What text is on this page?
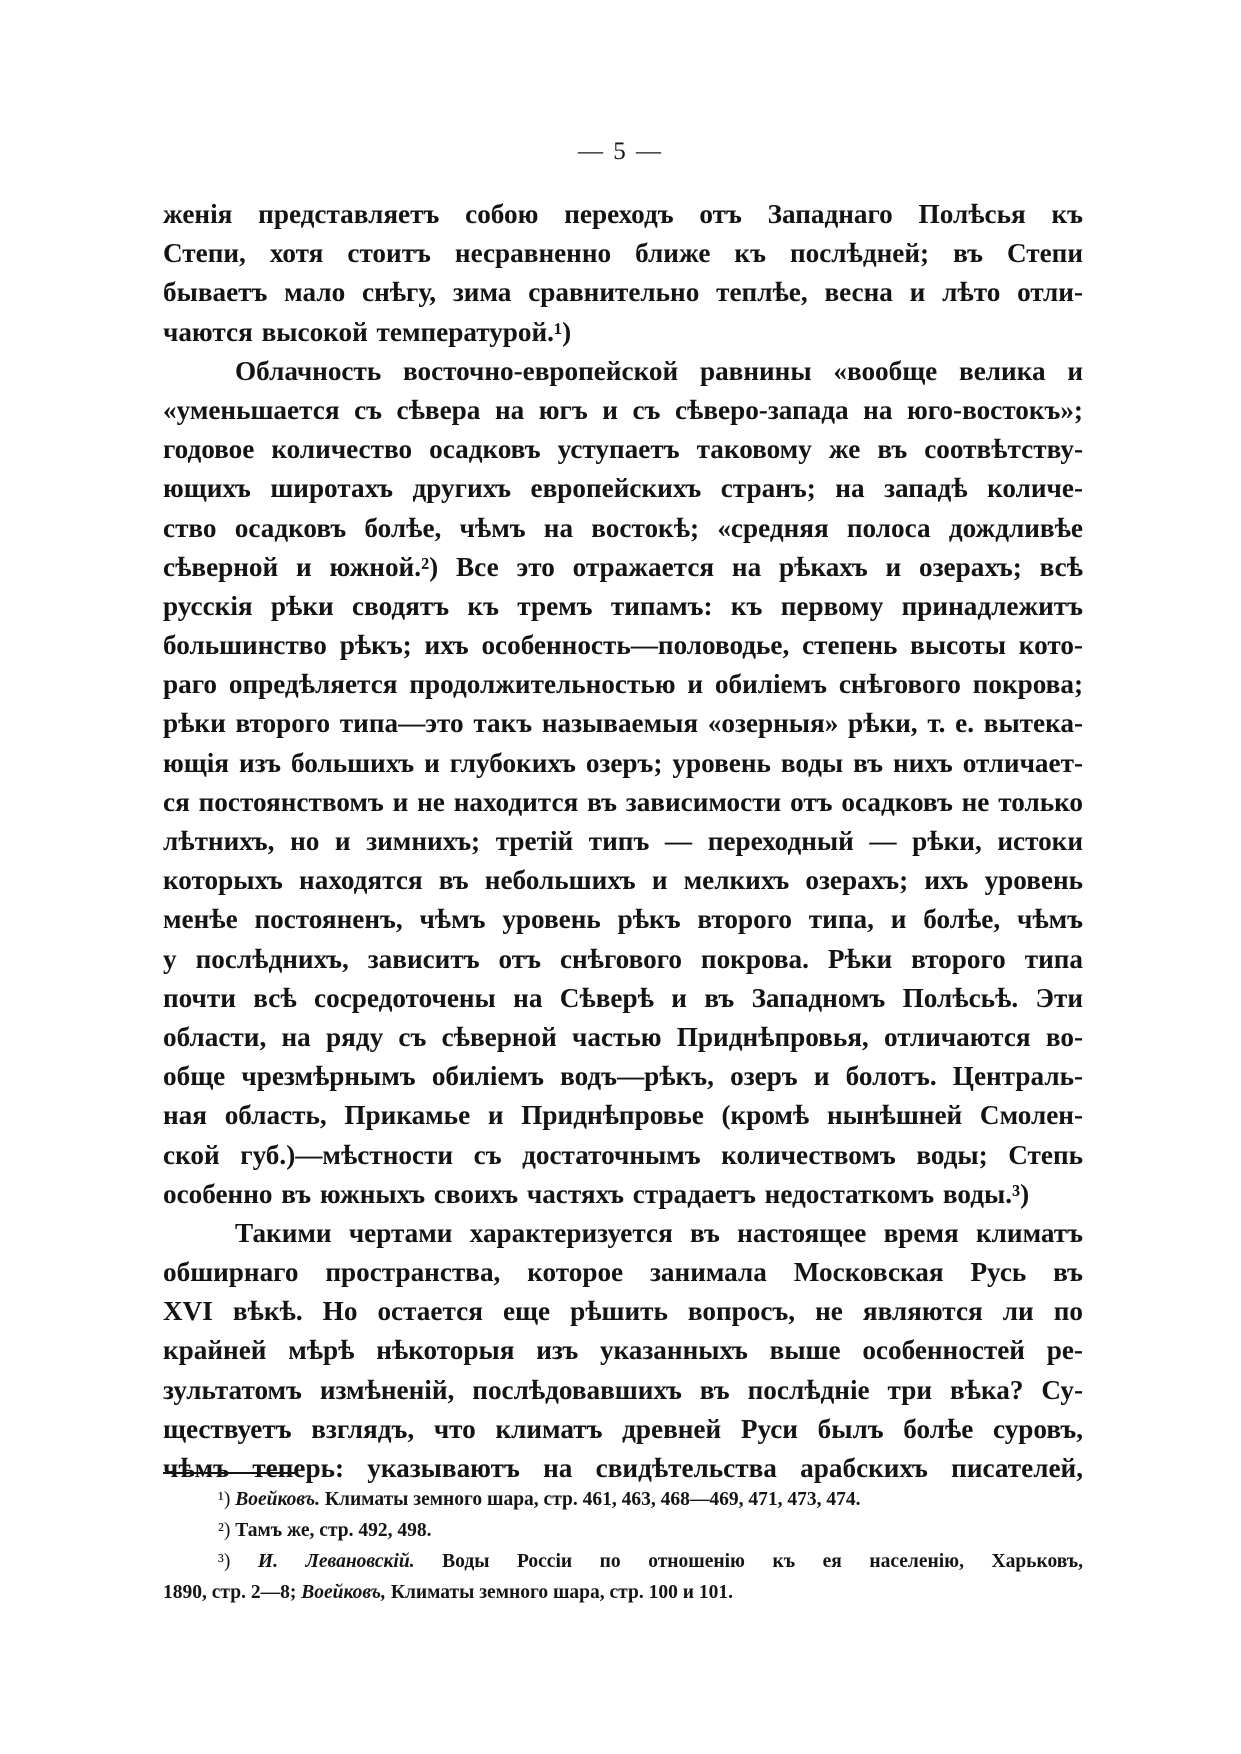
— 5 —
женія представляетъ собою переходъ отъ Западнаго Полѣсья къ
Степи, хотя стоитъ несравненно ближе къ послѣдней; въ Степи
бываетъ мало снѣгу, зима сравнительно теплѣе, весна и лѣто отли-
чаются высокой температурой.¹)
Облачность восточно-европейской равнины «вообще велика и
«уменьшается съ сѣвера на югъ и съ сѣверо-запада на юго-востокъ»;
годовое количество осадковъ уступаетъ таковому же въ соотвѣтству-
ющихъ широтахъ другихъ европейскихъ странъ; на западѣ количе-
ство осадковъ болѣе, чѣмъ на востокѣ; «средняя полоса дождливѣе
сѣверной и южной.²) Все это отражается на рѣкахъ и озерахъ; всѣ
русскія рѣки сводятъ къ тремъ типамъ: къ первому принадлежитъ
большинство рѣкъ; ихъ особенность—половодье, степень высоты кото-
раго опредѣляется продолжительностью и обиліемъ снѣгового покрова;
рѣки второго типа—это такъ называемыя «озерныя» рѣки, т. е. вытека-
ющія изъ большихъ и глубокихъ озеръ; уровень воды въ нихъ отличает-
ся постоянствомъ и не находится въ зависимости отъ осадковъ не только
лѣтнихъ, но и зимнихъ; третій типъ — переходный — рѣки, истоки
которыхъ находятся въ небольшихъ и мелкихъ озерахъ; ихъ уровень
менѣе постояненъ, чѣмъ уровень рѣкъ второго типа, и болѣе, чѣмъ
у послѣднихъ, зависитъ отъ снѣгового покрова. Рѣки второго типа
почти всѣ сосредоточены на Сѣверѣ и въ Западномъ Полѣсьѣ. Эти
области, на ряду съ сѣверной частью Приднѣпровья, отличаются во-
обще чрезмѣрнымъ обиліемъ водъ—рѣкъ, озеръ и болотъ. Централь-
ная область, Прикамье и Приднѣпровье (кромѣ нынѣшней Смолен-
ской губ.)—мѣстности съ достаточнымъ количествомъ воды; Степь
особенно въ южныхъ своихъ частяхъ страдаетъ недостаткомъ воды.³)
Такими чертами характеризуется въ настоящее время климатъ
обширнаго пространства, которое занимала Московская Русь въ
XVI вѣкѣ. Но остается еще рѣшить вопросъ, не являются ли по
крайней мѣрѣ нѣкоторыя изъ указанныхъ выше особенностей ре-
зультатомъ измѣненій, послѣдовавшихъ въ послѣдніе три вѣка? Су-
ществуетъ взглядъ, что климатъ древней Руси былъ болѣе суровъ,
чѣмъ теперь: указываютъ на свидѣтельства арабскихъ писателей,
¹) Воейковъ. Климаты земного шара, стр. 461, 463, 468—469, 471, 473, 474.
²) Тамъ же, стр. 492, 498.
³) И. Левановскій. Воды Россіи по отношенію къ ея населенію, Харьковъ,
1890, стр. 2—8; Воейковъ, Климаты земного шара, стр. 100 и 101.
